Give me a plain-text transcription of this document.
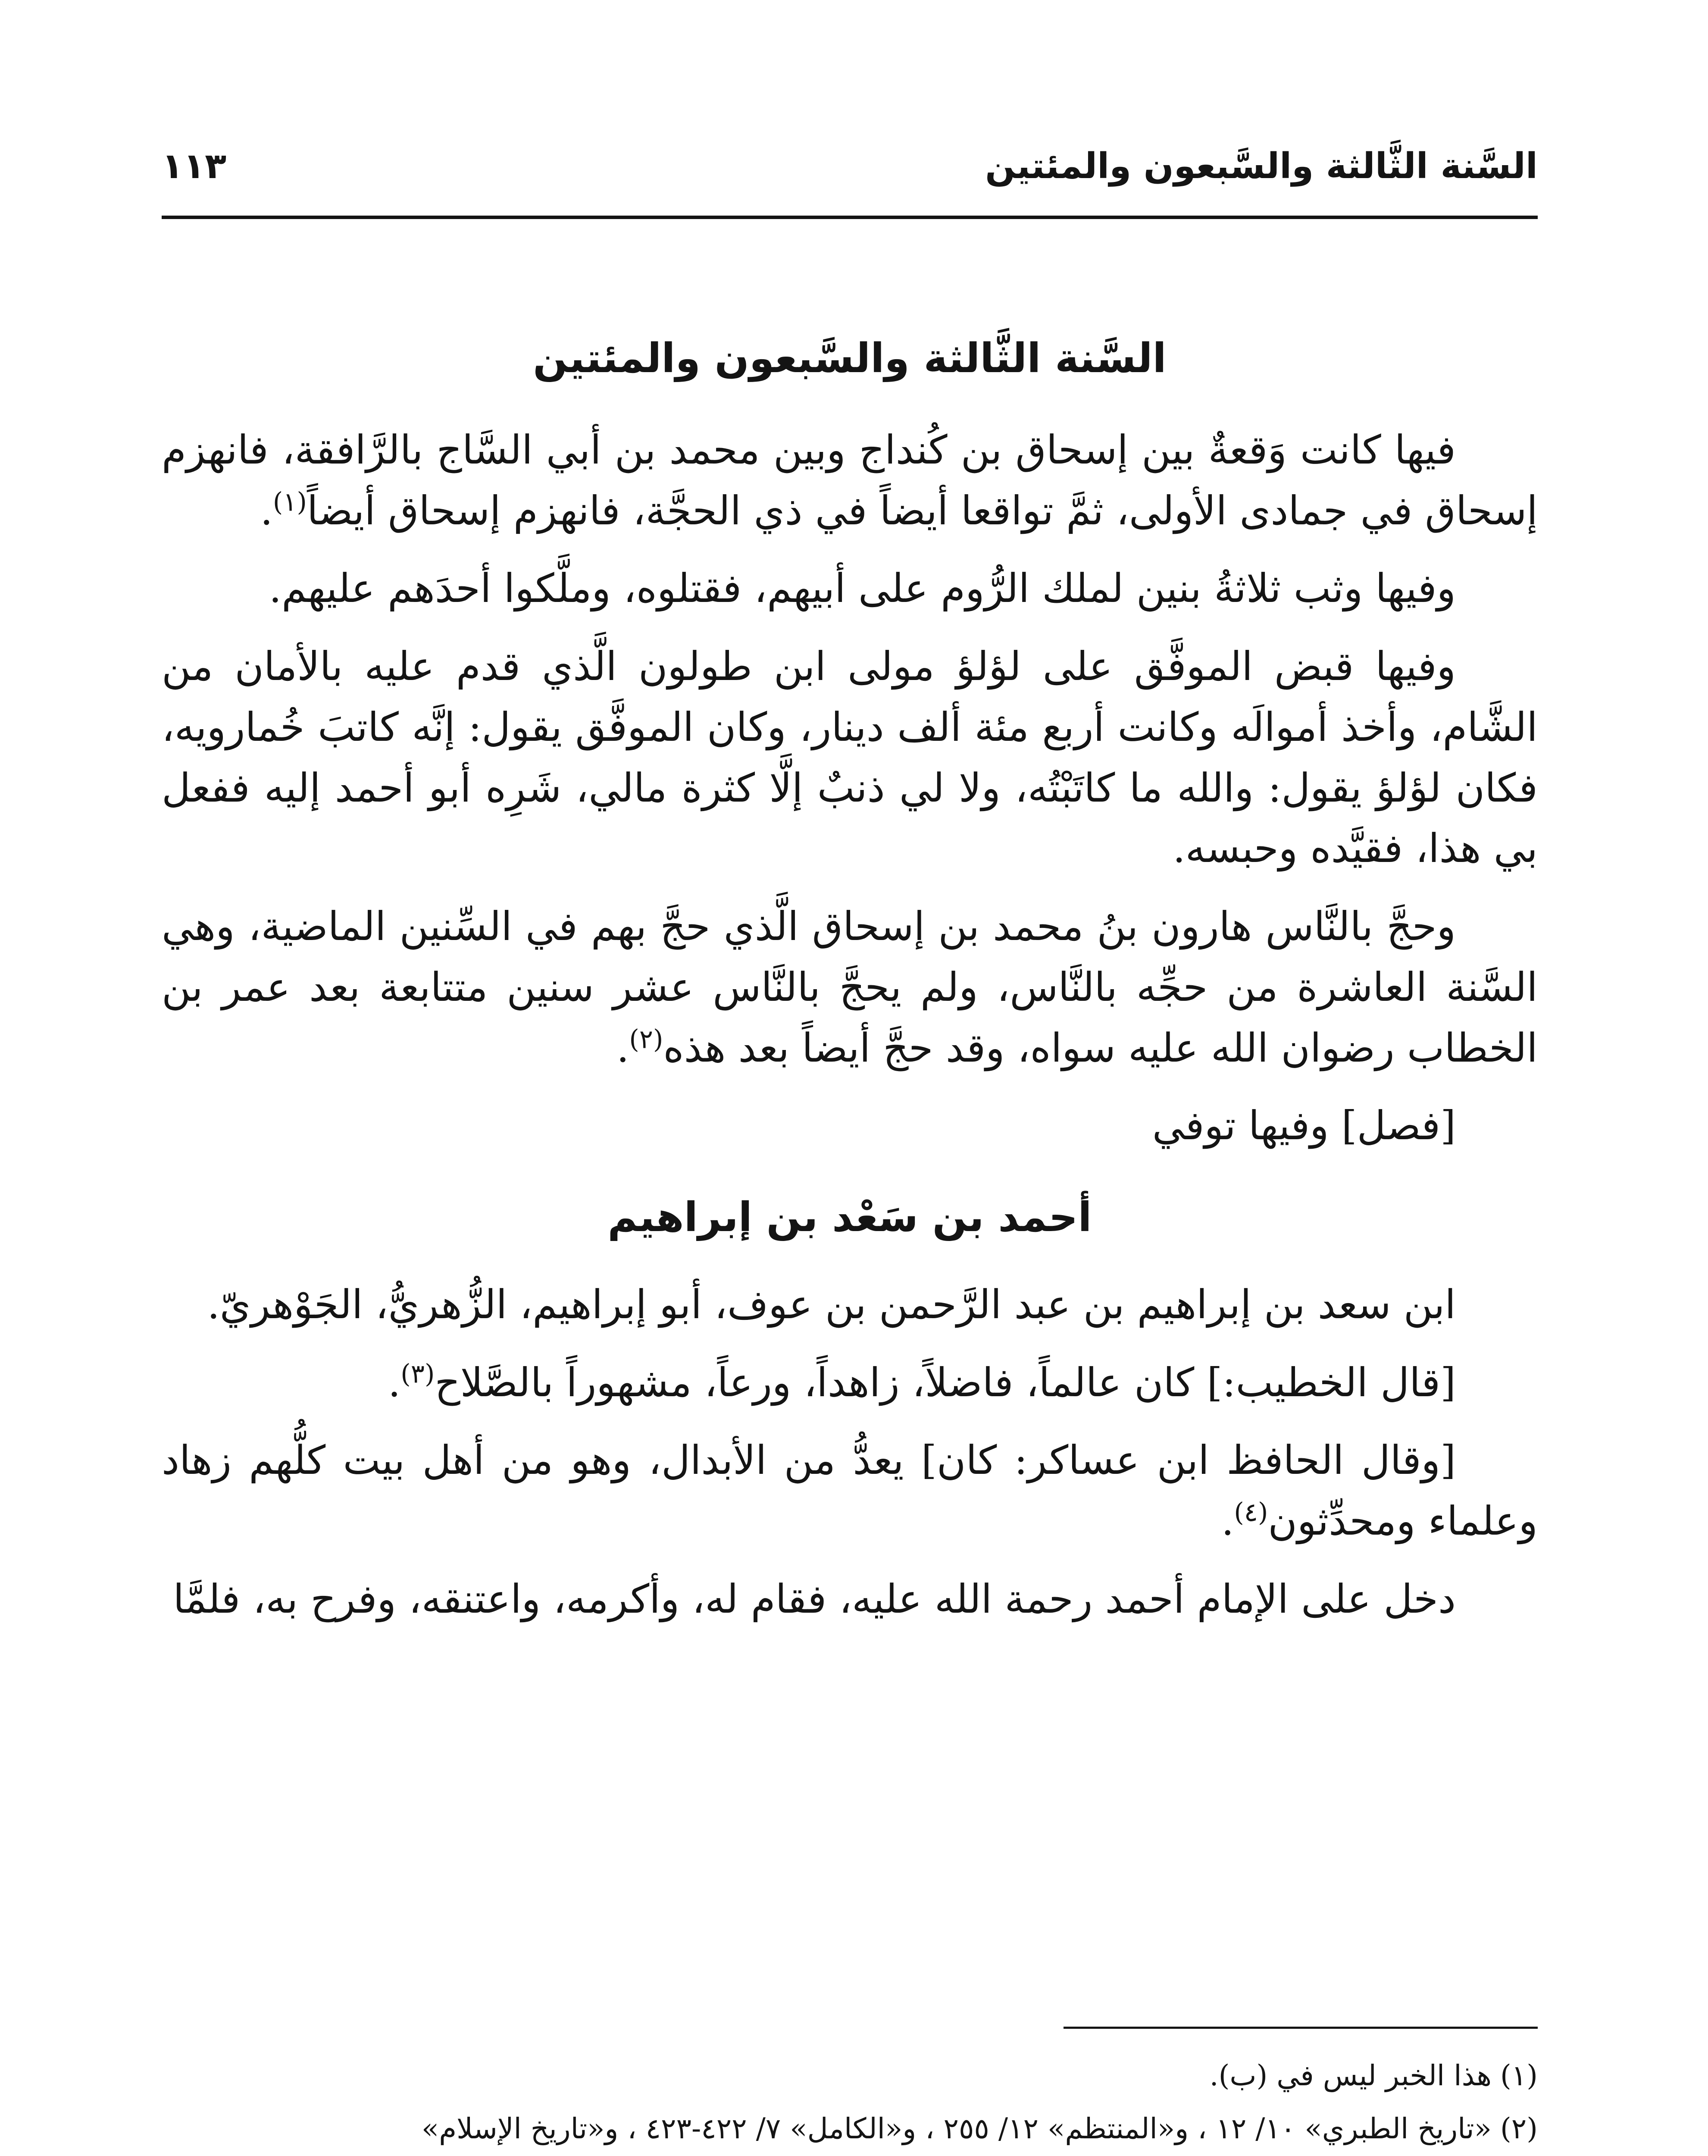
السَّنة الثَّالثة والسَّبعون والمئتين
١١٣
السَّنة الثَّالثة والسَّبعون والمئتين

فيها كانت وَقعةٌ بين إسحاق بن كُنداج وبين محمد بن أبي السَّاج بالرَّافقة، فانهزم إسحاق في جمادى الأولى، ثمَّ تواقعا أيضاً في ذي الحجَّة، فانهزم إسحاق أيضاً$^{(١)}$.

وفيها وثب ثلاثةُ بنين لملك الرُّوم على أبيهم، فقتلوه، وملَّكوا أحدَهم عليهم.

وفيها قبض الموفَّق على لؤلؤ مولى ابن طولون الَّذي قدم عليه بالأمان من الشَّام، وأخذ أموالَه وكانت أربع مئة ألف دينار، وكان الموفَّق يقول: إنَّه كاتبَ خُمارويه، فكان لؤلؤ يقول: والله ما كاتَبْتُه، ولا لي ذنبٌ إلَّا كثرة مالي، شَرِه أبو أحمد إليه ففعل بي هذا، فقيَّده وحبسه.

وحجَّ بالنَّاس هارون بنُ محمد بن إسحاق الَّذي حجَّ بهم في السِّنين الماضية، وهي السَّنة العاشرة من حجِّه بالنَّاس، ولم يحجَّ بالنَّاس عشر سنين متتابعة بعد عمر بن الخطاب رضوان الله عليه سواه، وقد حجَّ أيضاً بعد هذه$^{(٢)}$.

[فصل] وفيها توفي

أحمد بن سَعْد بن إبراهيم

ابن سعد بن إبراهيم بن عبد الرَّحمن بن عوف، أبو إبراهيم، الزُّهريُّ، الجَوْهريّ.

[قال الخطيب:] كان عالماً، فاضلاً، زاهداً، ورعاً، مشهوراً بالصَّلاح$^{(٣)}$.

[وقال الحافظ ابن عساكر: كان] يعدُّ من الأبدال، وهو من أهل بيت كلُّهم زهاد وعلماء ومحدِّثون$^{(٤)}$.

دخل على الإمام أحمد رحمة الله عليه، فقام له، وأكرمه، واعتنقه، وفرح به، فلمَّا

(١)هذا الخبر ليس في (ب).

(٢)«تاريخ الطبري» ١٠/ ١٢ ، و«المنتظم» ١٢/ ٢٥٥ ، و«الكامل» ٧/ ٤٢٢-٤٢٣ ، و«تاريخ الإسلام»
